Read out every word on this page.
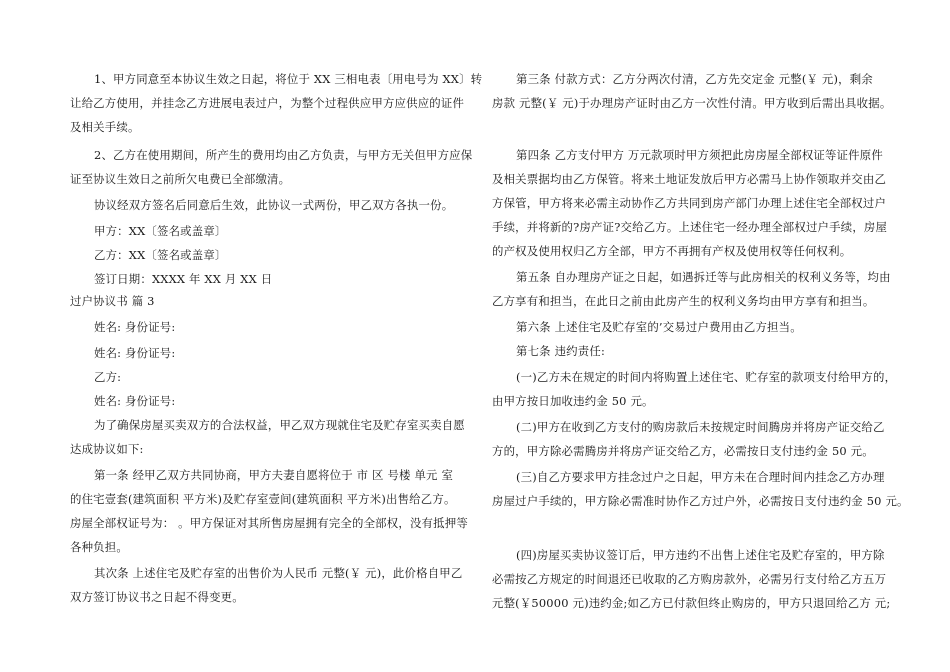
1、甲方同意至本协议生效之日起，将位于 XX 三相电表〔用电号为 XX〕转
让给乙方使用，并挂念乙方进展电表过户，为整个过程供应甲方应供应的证件
及相关手续。
2、乙方在使用期间，所产生的费用均由乙方负责，与甲方无关但甲方应保
证至协议生效日之前所欠电费已全部缴清。
协议经双方签名后同意后生效，此协议一式两份，甲乙双方各执一份。
甲方：XX〔签名或盖章〕
乙方：XX〔签名或盖章〕
签订日期：XXXX 年 XX 月 XX 日
过户协议书 篇 3
姓名: 身份证号:
姓名: 身份证号:
乙方:
姓名: 身份证号:
为了确保房屋买卖双方的合法权益，甲乙双方现就住宅及贮存室买卖自愿
达成协议如下:
第一条 经甲乙双方共同协商，甲方夫妻自愿将位于 市 区 号楼 单元 室
的住宅壹套(建筑面积 平方米)及贮存室壹间(建筑面积 平方米)出售给乙方。
房屋全部权证号为： 。甲方保证对其所售房屋拥有完全的全部权，没有抵押等
各种负担。
其次条 上述住宅及贮存室的出售价为人民币 元整(￥ 元)，此价格自甲乙
双方签订协议书之日起不得变更。
第三条 付款方式：乙方分两次付清，乙方先交定金 元整(￥ 元)，剩余
房款 元整(￥ 元)于办理房产证时由乙方一次性付清。甲方收到后需出具收据。
第四条 乙方支付甲方 万元款项时甲方须把此房房屋全部权证等证件原件
及相关票据均由乙方保管。将来土地证发放后甲方必需马上协作领取并交由乙
方保管，甲方将来必需主动协作乙方共同到房产部门办理上述住宅全部权过户
手续，并将新的?房产证?交给乙方。上述住宅一经办理全部权过户手续，房屋
的产权及使用权归乙方全部，甲方不再拥有产权及使用权等任何权利。
第五条 自办理房产证之日起，如遇拆迁等与此房相关的权利义务等，均由
乙方享有和担当，在此日之前由此房产生的权利义务均由甲方享有和担当。
第六条 上述住宅及贮存室的’交易过户费用由乙方担当。
第七条 违约责任:
(一)乙方未在规定的时间内将购置上述住宅、贮存室的款项支付给甲方的，
由甲方按日加收违约金 50 元。
(二)甲方在收到乙方支付的购房款后未按规定时间腾房并将房产证交给乙
方的，甲方除必需腾房并将房产证交给乙方，必需按日支付违约金 50 元。
(三)自乙方要求甲方挂念过户之日起，甲方未在合理时间内挂念乙方办理
房屋过户手续的，甲方除必需准时协作乙方过户外，必需按日支付违约金 50 元。
(四)房屋买卖协议签订后，甲方违约不出售上述住宅及贮存室的，甲方除
必需按乙方规定的时间退还已收取的乙方购房款外，必需另行支付给乙方五万
元整(￥50000 元)违约金;如乙方已付款但终止购房的，甲方只退回给乙方 元;
